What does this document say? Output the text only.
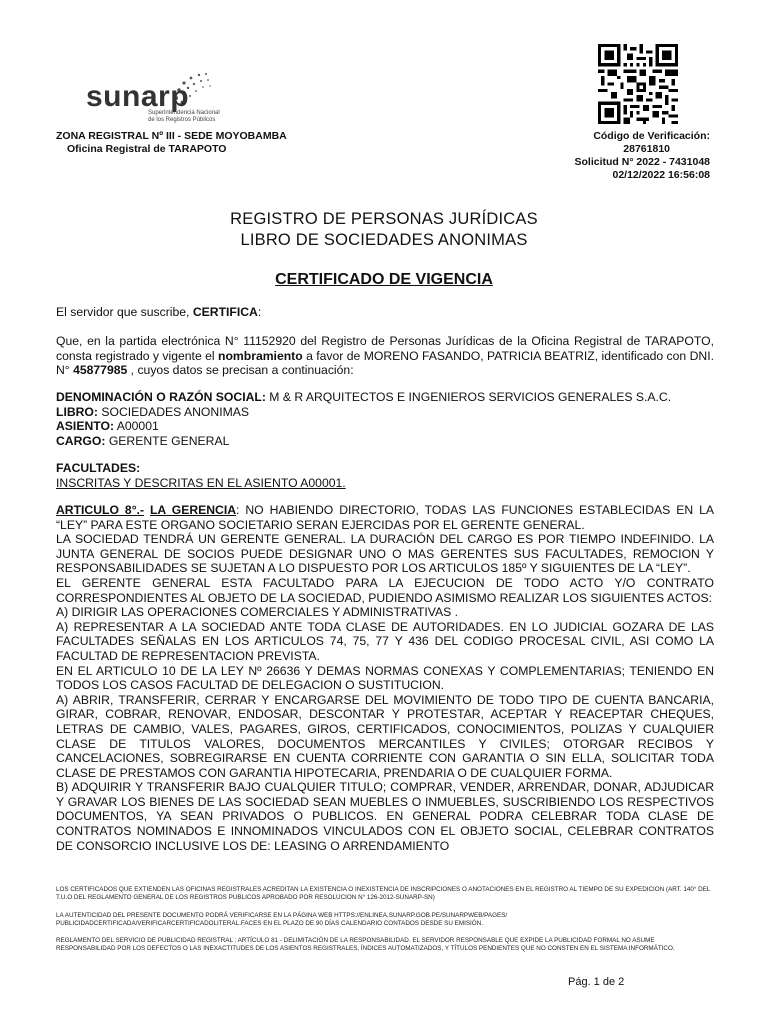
sunarp
Superintendencia Nacional
de los Registros Públicos
ZONA REGISTRAL Nº III - SEDE MOYOBAMBA
Oficina Registral de TARAPOTO
Código de Verificación:
28761810
Solicitud N° 2022 - 7431048
02/12/2022 16:56:08
REGISTRO DE PERSONAS JURÍDICAS
LIBRO DE SOCIEDADES ANONIMAS
CERTIFICADO DE VIGENCIA
El servidor que suscribe, CERTIFICA:
Que, en la partida electrónica N° 11152920 del Registro de Personas Jurídicas de la Oficina Registral de TARAPOTO, consta registrado y vigente el nombramiento a favor de MORENO FASANDO, PATRICIA BEATRIZ, identificado con DNI. N° 45877985 , cuyos datos se precisan a continuación:
DENOMINACIÓN O RAZÓN SOCIAL: M & R ARQUITECTOS E INGENIEROS SERVICIOS GENERALES S.A.C.
LIBRO: SOCIEDADES ANONIMAS
ASIENTO: A00001
CARGO: GERENTE GENERAL
FACULTADES:
INSCRITAS Y DESCRITAS EN EL ASIENTO A00001.

ARTICULO 8°.- LA GERENCIA: NO HABIENDO DIRECTORIO, TODAS LAS FUNCIONES ESTABLECIDAS EN LA “LEY” PARA ESTE ORGANO SOCIETARIO SERAN EJERCIDAS POR EL GERENTE GENERAL.

LA SOCIEDAD TENDRÁ UN GERENTE GENERAL. LA DURACIÓN DEL CARGO ES POR TIEMPO INDEFINIDO. LA JUNTA GENERAL DE SOCIOS PUEDE DESIGNAR UNO O MAS GERENTES SUS FACULTADES, REMOCION Y RESPONSABILIDADES SE SUJETAN A LO DISPUESTO POR LOS ARTICULOS 185º Y SIGUIENTES DE LA “LEY”.

EL GERENTE GENERAL ESTA FACULTADO PARA LA EJECUCION DE TODO ACTO Y/O CONTRATO CORRESPONDIENTES AL OBJETO DE LA SOCIEDAD, PUDIENDO ASIMISMO REALIZAR LOS SIGUIENTES ACTOS:

A) DIRIGIR LAS OPERACIONES COMERCIALES Y ADMINISTRATIVAS .

A) REPRESENTAR A LA SOCIEDAD ANTE TODA CLASE DE AUTORIDADES. EN LO JUDICIAL GOZARA DE LAS FACULTADES SEÑALAS EN LOS ARTICULOS 74, 75, 77 Y 436 DEL CODIGO PROCESAL CIVIL, ASI COMO LA FACULTAD DE REPRESENTACION PREVISTA.

EN EL ARTICULO 10 DE LA LEY Nº 26636 Y DEMAS NORMAS CONEXAS Y COMPLEMENTARIAS; TENIENDO EN TODOS LOS CASOS FACULTAD DE DELEGACION O SUSTITUCION.

A) ABRIR, TRANSFERIR, CERRAR Y ENCARGARSE DEL MOVIMIENTO DE TODO TIPO DE CUENTA BANCARIA, GIRAR, COBRAR, RENOVAR, ENDOSAR, DESCONTAR Y PROTESTAR, ACEPTAR Y REACEPTAR CHEQUES, LETRAS DE CAMBIO, VALES, PAGARES, GIROS, CERTIFICADOS, CONOCIMIENTOS, POLIZAS Y CUALQUIER CLASE DE TITULOS VALORES, DOCUMENTOS MERCANTILES Y CIVILES; OTORGAR RECIBOS Y CANCELACIONES, SOBREGIRARSE EN CUENTA CORRIENTE CON GARANTIA O SIN ELLA, SOLICITAR TODA CLASE DE PRESTAMOS CON GARANTIA HIPOTECARIA, PRENDARIA O DE CUALQUIER FORMA.

B) ADQUIRIR Y TRANSFERIR BAJO CUALQUIER TITULO; COMPRAR, VENDER, ARRENDAR, DONAR, ADJUDICAR Y GRAVAR LOS BIENES DE LAS SOCIEDAD SEAN MUEBLES O INMUEBLES, SUSCRIBIENDO LOS RESPECTIVOS DOCUMENTOS, YA SEAN PRIVADOS O PUBLICOS. EN GENERAL PODRA CELEBRAR TODA CLASE DE CONTRATOS NOMINADOS E INNOMINADOS VINCULADOS CON EL OBJETO SOCIAL, CELEBRAR CONTRATOS DE CONSORCIO INCLUSIVE LOS DE: LEASING O ARRENDAMIENTO

LOS CERTIFICADOS QUE EXTIENDEN LAS OFICINAS REGISTRALES ACREDITAN LA EXISTENCIA O INEXISTENCIA DE INSCRIPCIONES O ANOTACIONES EN EL REGISTRO AL TIEMPO DE SU EXPEDICION (ART. 140° DEL T.U.O DEL REGLAMENTO GENERAL DE LOS REGISTROS PUBLICOS APROBADO POR RESOLUCION N° 126-2012-SUNARP-SN)
LA AUTENTICIDAD DEL PRESENTE DOCUMENTO PODRÁ VERIFICARSE EN LA PÁGINA WEB HTTPS://ENLINEA.SUNARP.GOB.PE/SUNARPWEB/PAGES/ PUBLICIDADCERTIFICADA/VERIFICARCERTIFICADOLITERAL.FACES EN EL PLAZO DE 90 DÍAS CALENDARIO CONTADOS DESDE SU EMISIÓN.
REGLAMENTO DEL SERVICIO DE PUBLICIDAD REGISTRAL : ARTÍCULO 81 - DELIMITACIÓN DE LA RESPONSABILIDAD. EL SERVIDOR RESPONSABLE QUE EXPIDE LA PUBLICIDAD FORMAL NO ASUME RESPONSABILIDAD POR LOS DEFECTOS O LAS INEXACTITUDES DE LOS ASIENTOS REGISTRALES, ÍNDICES AUTOMATIZADOS, Y TÍTULOS PENDIENTES QUE NO CONSTEN EN EL SISTEMA INFORMÁTICO.
Pág. 1 de 2
